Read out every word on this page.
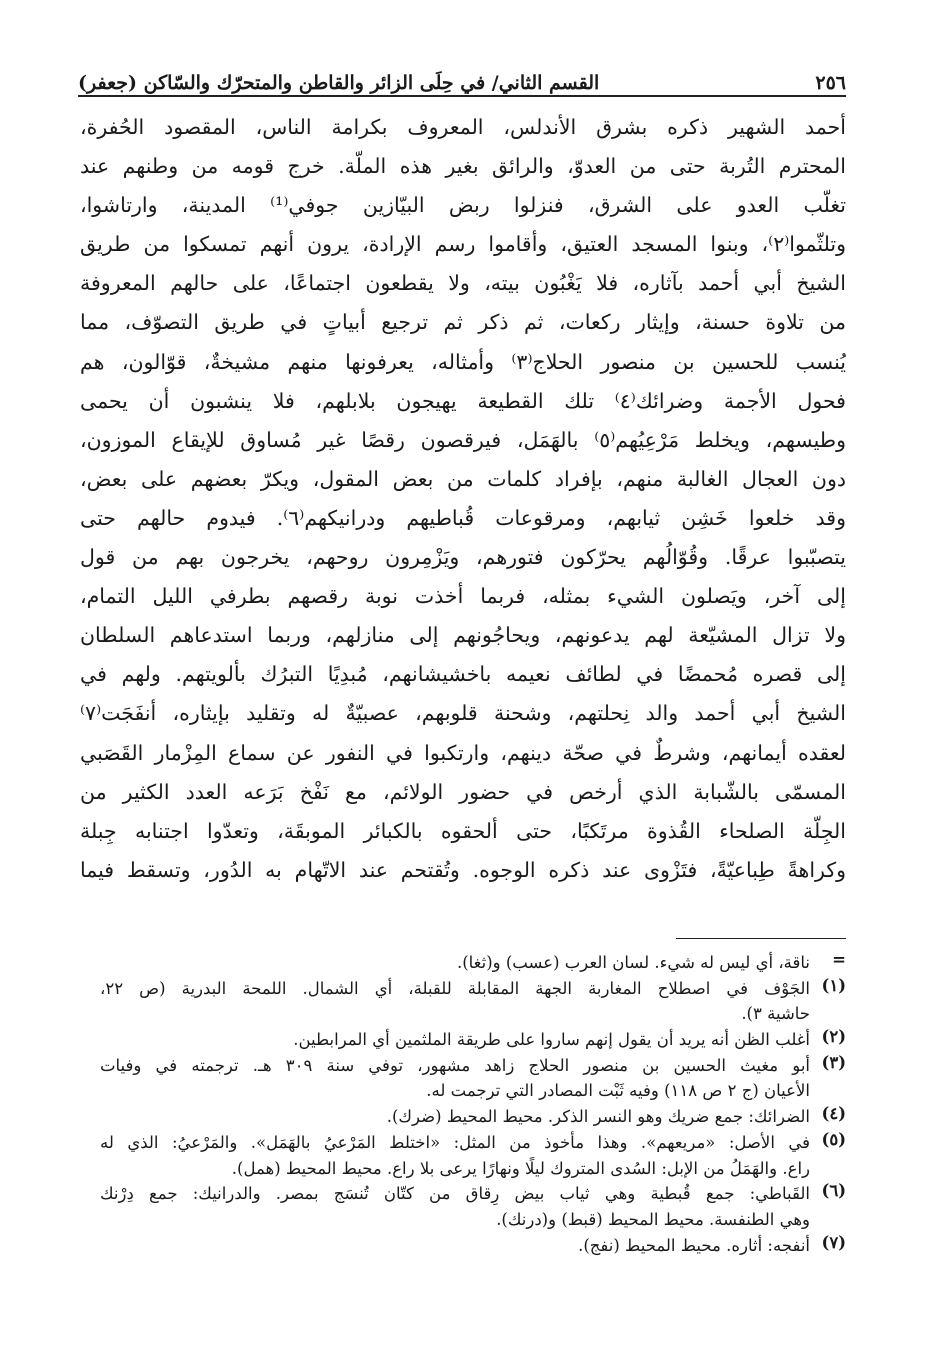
٢٥٦
القسم الثاني/ في حِلَى الزائر والقاطن والمتحرّك والسّاكن (جعفر)
أحمد الشهير ذكره بشرق الأندلس، المعروف بكرامة الناس، المقصود الحُفرة،
المحترم التُربة حتى من العدوّ، والرائق بغير هذه الملّة. خرج قومه من وطنهم عند
تغلّب العدو على الشرق، فنزلوا ربض البيّازين جوفي⁽¹⁾ المدينة، وارتاشوا،
وتلثّموا⁽٢⁾، وبنوا المسجد العتيق، وأقاموا رسم الإرادة، يرون أنهم تمسكوا من طريق
الشيخ أبي أحمد بآثاره، فلا يَغْبُون بيته، ولا يقطعون اجتماعًا، على حالهم المعروفة
من تلاوة حسنة، وإيثار ركعات، ثم ذكر ثم ترجيع أبياتٍ في طريق التصوّف، مما
يُنسب للحسين بن منصور الحلاج⁽٣⁾ وأمثاله، يعرفونها منهم مشيخةٌ، قوّالون، هم
فحول الأجمة وضرائك⁽٤⁾ تلك القطيعة يهيجون بلابلهم، فلا ينشبون أن يحمى
وطيسهم، ويخلط مَرْعِيُهم⁽٥⁾ بالهَمَل، فيرقصون رقصًا غير مُساوق للإيقاع الموزون،
دون العجال الغالبة منهم، بإفراد كلمات من بعض المقول، ويكرّ بعضهم على بعض،
وقد خلعوا خَشِن ثيابهم، ومرقوعات قُباطيهم ودرانيكهم⁽٦⁾. فيدوم حالهم حتى
يتصبّبوا عرقًا. وقُوّالُهم يحرّكون فتورهم، ويَزْمِرون روحهم، يخرجون بهم من قول
إلى آخر، ويَصلون الشيء بمثله، فربما أخذت نوبة رقصهم بطرفي الليل التمام،
ولا تزال المشيّعة لهم يدعونهم، ويحاجُونهم إلى منازلهم، وربما استدعاهم السلطان
إلى قصره مُحمضًا في لطائف نعيمه باخشيشانهم، مُبدِيًا التبرُك بألويتهم. ولهم في
الشيخ أبي أحمد والد نِحلتهم، وشحنة قلوبهم، عصبيّةٌ له وتقليد بإيثاره، أنفَجَت⁽٧⁾
لعقده أيمانهم، وشرطٌ في صحّة دينهم، وارتكبوا في النفور عن سماع المِزْمار القَصَبي
المسمّى بالشّبابة الذي أرخص في حضور الولائم، مع نَفْخ بَرَعه العدد الكثير من
الجِلّة الصلحاء القُذوة مرتَكبًا، حتى ألحقوه بالكبائر الموبقَة، وتعدّوا اجتنابه جِبلة
وكراهةً طِباعيّةً، فتَزْوى عند ذكره الوجوه. وتُقتحم عند الاتّهام به الدُور، وتسقط فيما
=
ناقة، أي ليس له شيء. لسان العرب (عسب) و(ثغا).
(١)
الجَوْف في اصطلاح المغاربة الجهة المقابلة للقبلة، أي الشمال. اللمحة البدرية (ص ٢٢،
حاشية ٣).
(٢)
أغلب الظن أنه يريد أن يقول إنهم ساروا على طريقة الملثمين أي المرابطين.
(٣)
أبو مغيث الحسين بن منصور الحلاج زاهد مشهور، توفي سنة ٣٠٩ هـ. ترجمته في وفيات
الأعيان (ج ٢ ص ١١٨) وفيه ثَبْت المصادر التي ترجمت له.
(٤)
الضرائك: جمع ضريك وهو النسر الذكر. محيط المحيط (ضرك).
(٥)
في الأصل: «مريعهم». وهذا مأخوذ من المثل: «اختلط المَرْعيُ بالهَمَل». والمَرْعيُ: الذي له
راع. والهَمَلُ من الإبل: السُدى المتروك ليلًا ونهارًا يرعى بلا راع. محيط المحيط (همل).
(٦)
القَباطي: جمع قُبطية وهي ثياب بيض رِقاق من كتّان تُنسَج بمصر. والدرانيك: جمع دِرْنك
وهي الطنفسة. محيط المحيط (قبط) و(درنك).
(٧)
أنفجه: أثاره. محيط المحيط (نفج).
